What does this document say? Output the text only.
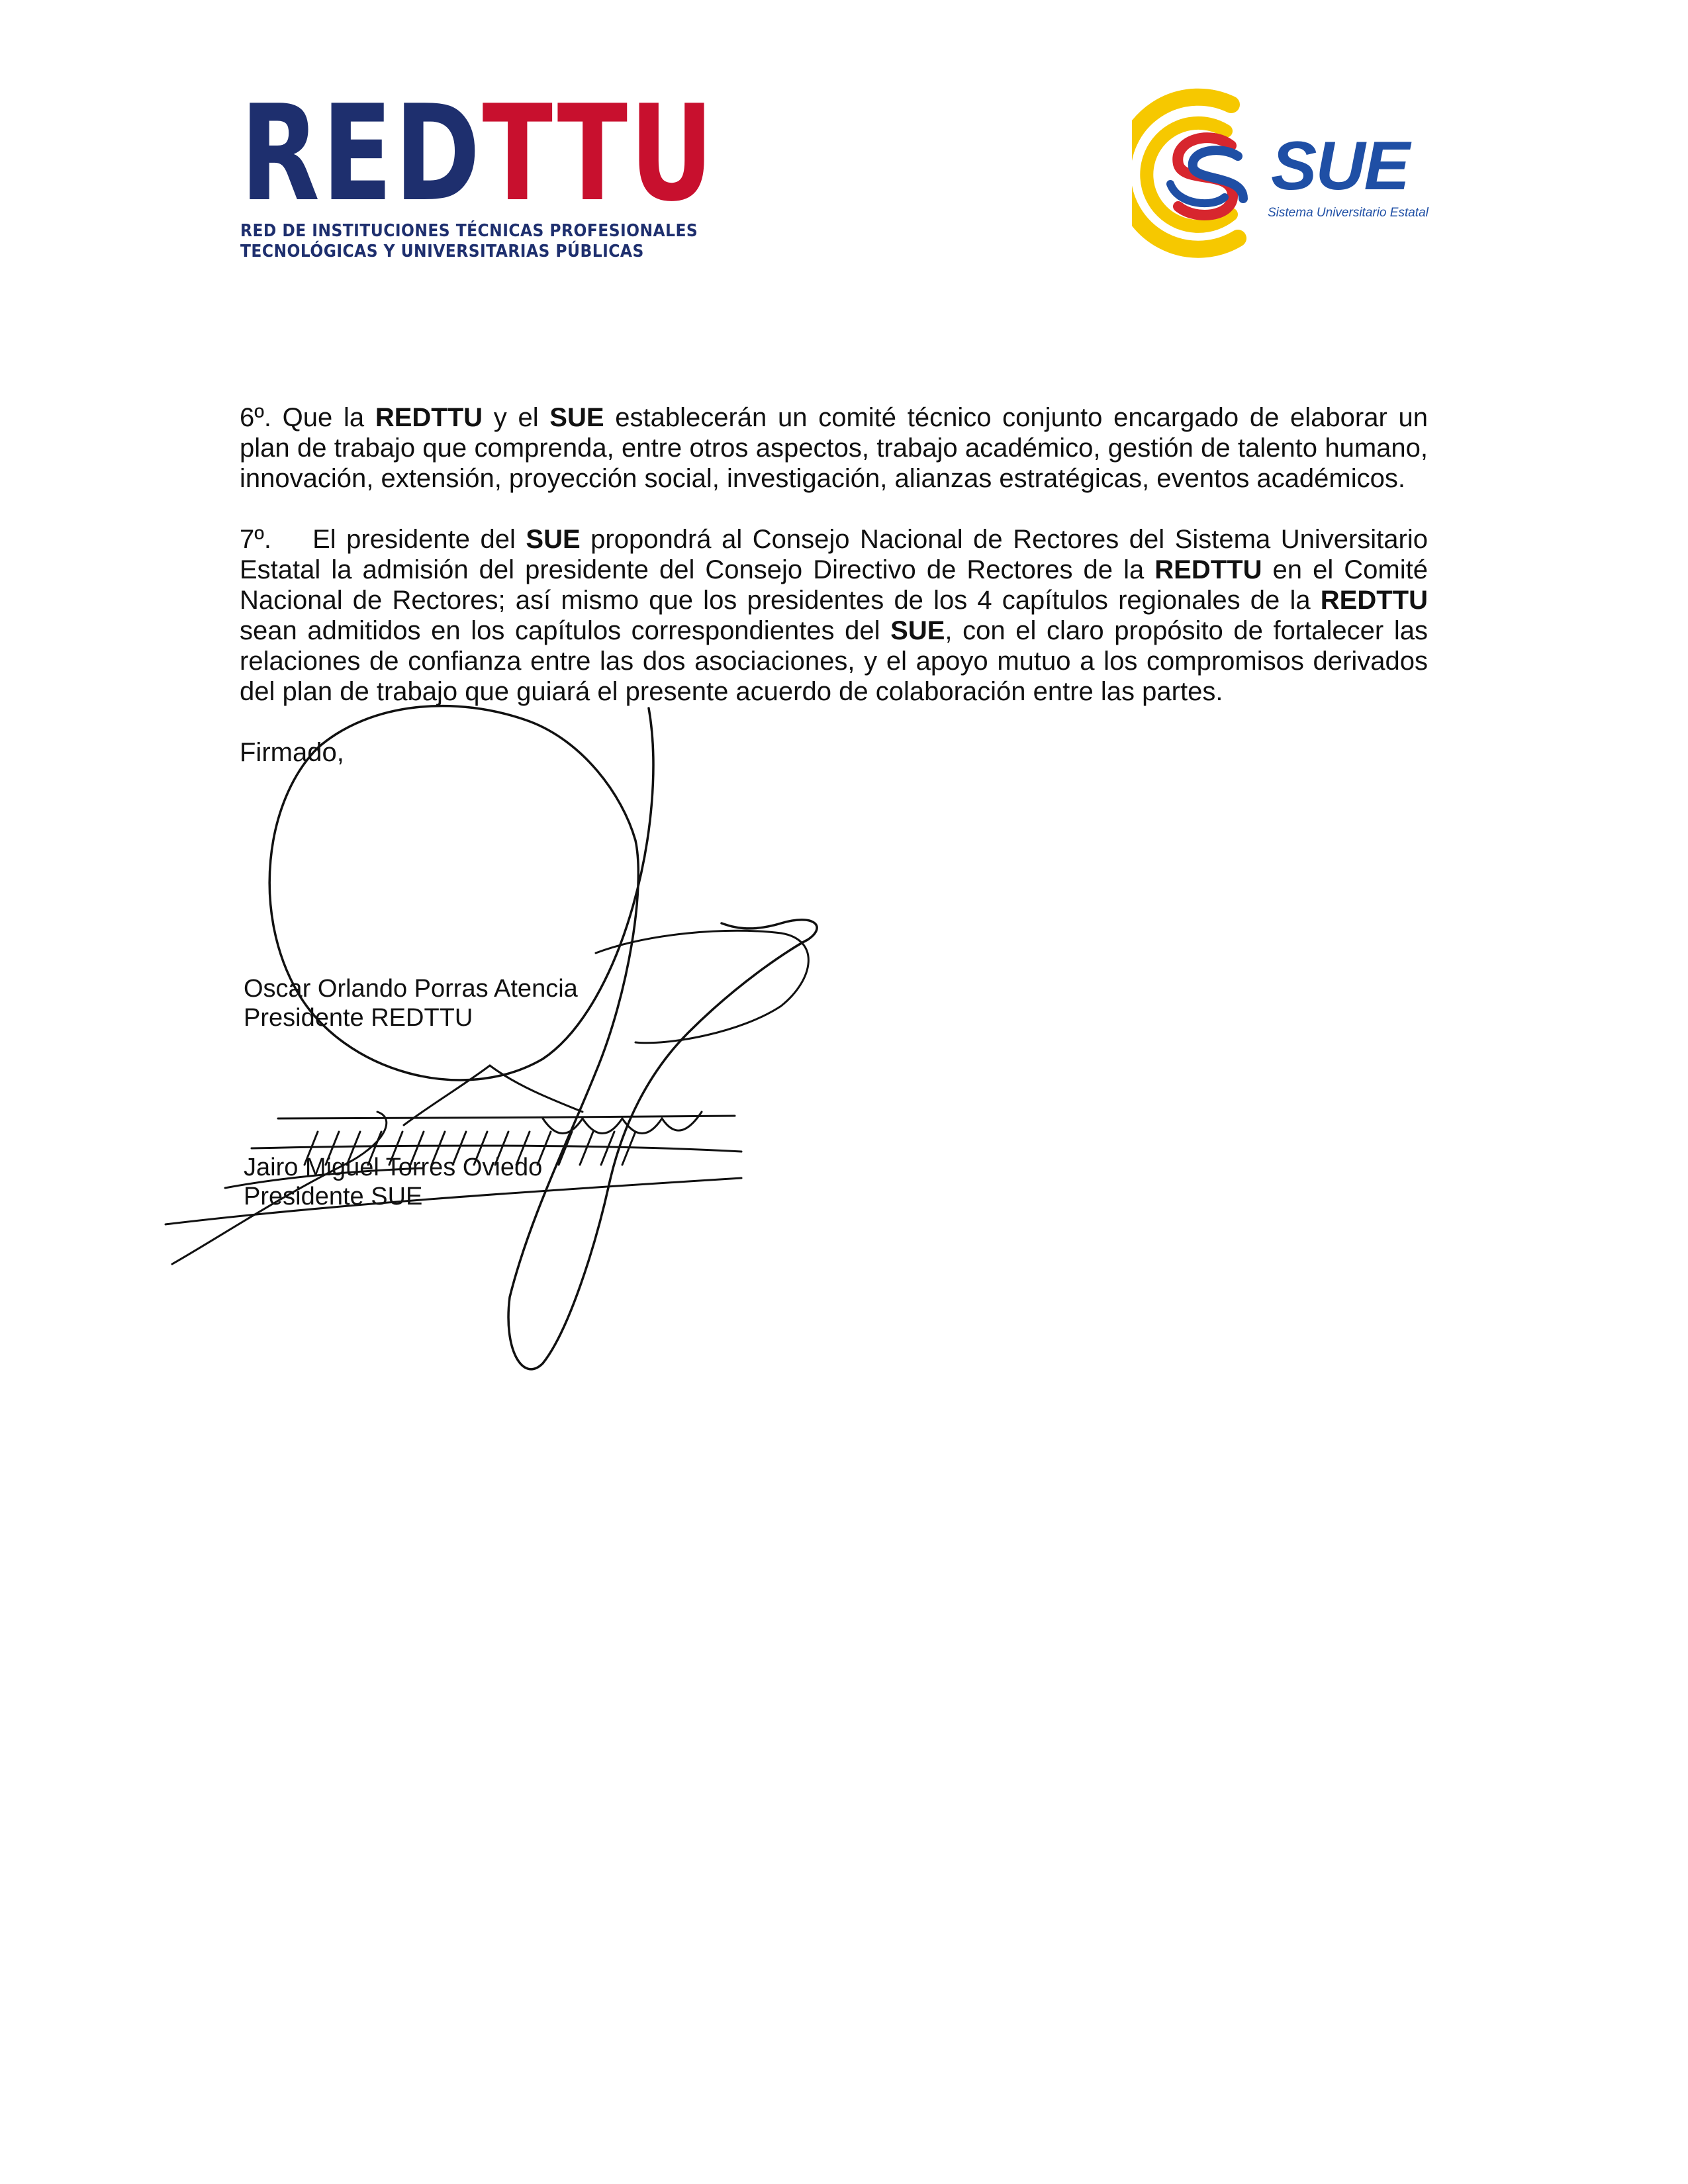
REDTTU
RED DE INSTITUCIONES TÉCNICAS PROFESIONALES
TECNOLÓGICAS Y UNIVERSITARIAS PÚBLICAS
SUE
Sistema Universitario Estatal

6º. Que la REDTTU y el SUE establecerán un comité técnico conjunto encargado de elaborar un plan de trabajo que comprenda, entre otros aspectos, trabajo académico, gestión de talento humano, innovación, extensión, proyección social, investigación, alianzas estratégicas, eventos académicos.

7º.    El presidente del SUE propondrá al Consejo Nacional de Rectores del Sistema Universitario Estatal la admisión del presidente del Consejo Directivo de Rectores de la REDTTU en el Comité Nacional de Rectores; así mismo que los presidentes de los 4 capítulos regionales de la REDTTU sean admitidos en los capítulos correspondientes del SUE, con el claro propósito de fortalecer las relaciones de confianza entre las dos asociaciones, y el apoyo mutuo a los compromisos derivados del plan de trabajo que guiará el presente acuerdo de colaboración entre las partes.

Firmado,

Oscar Orlando Porras Atencia
Presidente REDTTU
Jairo Miguel Torres Oviedo
Presidente SUE
